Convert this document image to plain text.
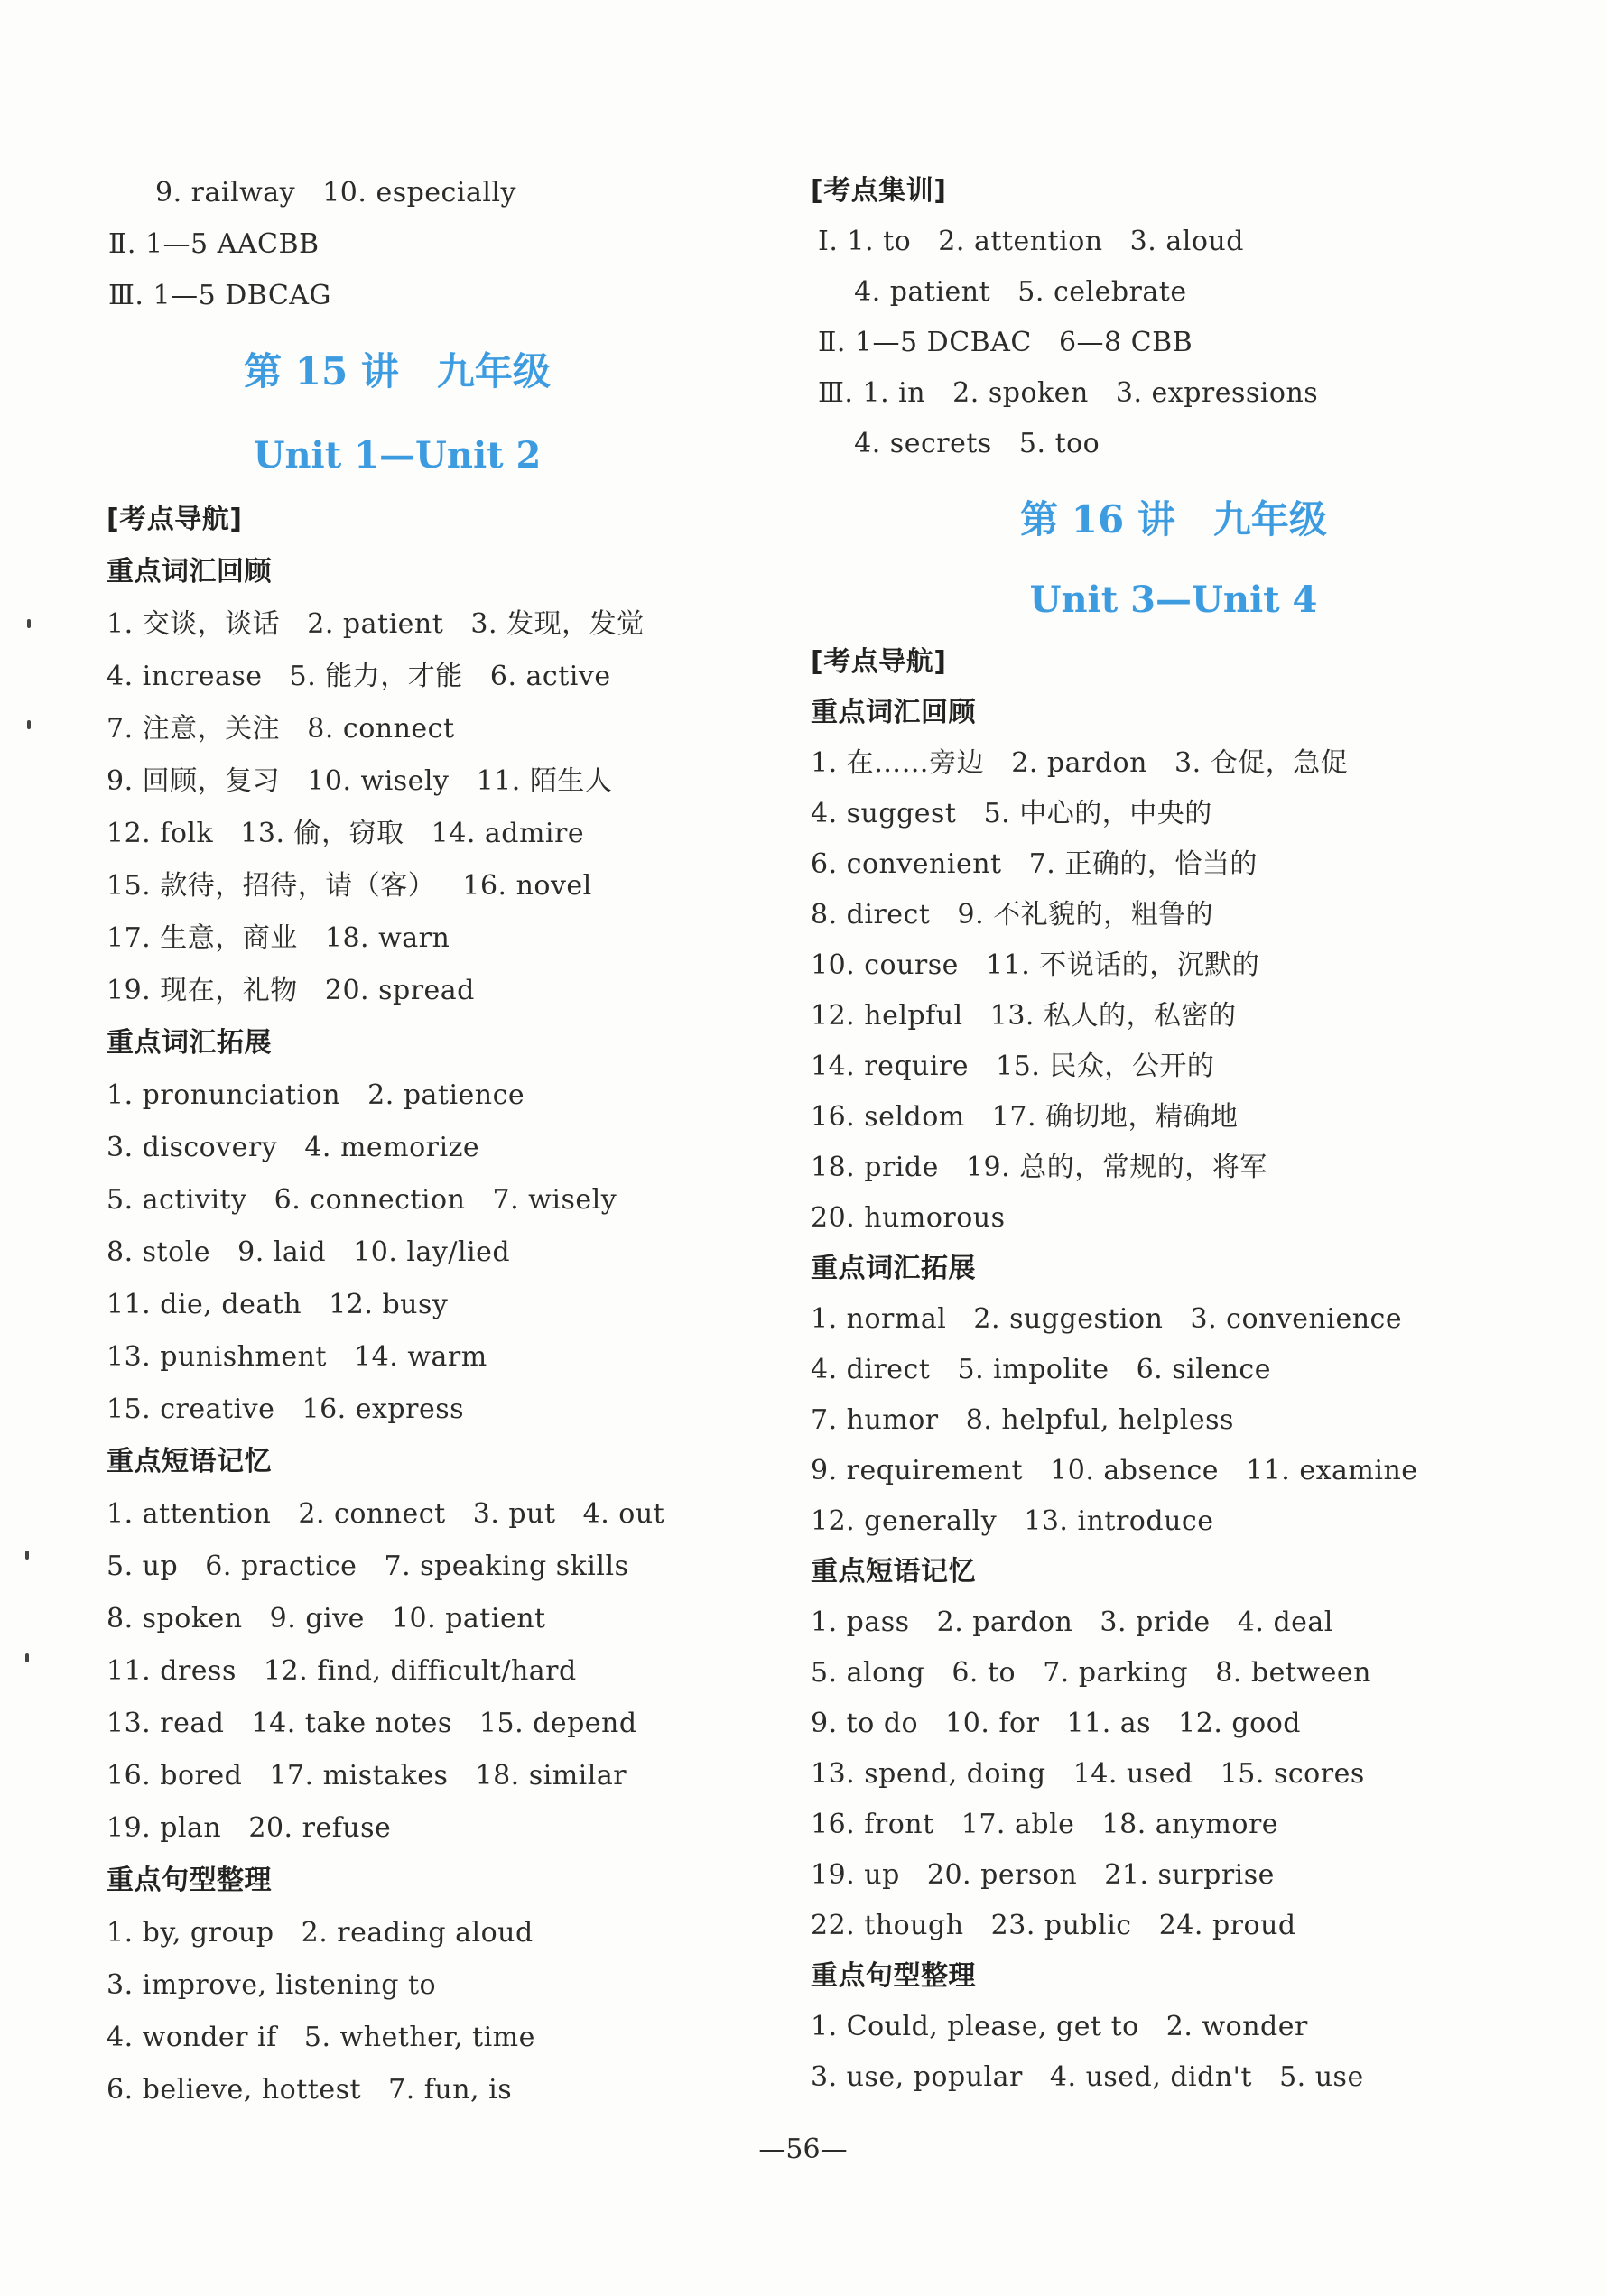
9. railway   10. especially
Ⅱ. 1—5 AACBB
Ⅲ. 1—5 DBCAG
第 15 讲　九年级
Unit 1—Unit 2
[考点导航]
重点词汇回顾
1. 交谈，谈话   2. patient   3. 发现，发觉
4. increase   5. 能力，才能   6. active
7. 注意，关注   8. connect
9. 回顾，复习   10. wisely   11. 陌生人
12. folk   13. 偷，窃取   14. admire
15. 款待，招待，请（客）   16. novel
17. 生意，商业   18. warn
19. 现在，礼物   20. spread
重点词汇拓展
1. pronunciation   2. patience
3. discovery   4. memorize
5. activity   6. connection   7. wisely
8. stole   9. laid   10. lay/lied
11. die, death   12. busy
13. punishment   14. warm
15. creative   16. express
重点短语记忆
1. attention   2. connect   3. put   4. out
5. up   6. practice   7. speaking skills
8. spoken   9. give   10. patient
11. dress   12. find, difficult/hard
13. read   14. take notes   15. depend
16. bored   17. mistakes   18. similar
19. plan   20. refuse
重点句型整理
1. by, group   2. reading aloud
3. improve, listening to
4. wonder if   5. whether, time
6. believe, hottest   7. fun, is
[考点集训]
Ⅰ. 1. to   2. attention   3. aloud
4. patient   5. celebrate
Ⅱ. 1—5 DCBAC   6—8 CBB
Ⅲ. 1. in   2. spoken   3. expressions
4. secrets   5. too
第 16 讲　九年级
Unit 3—Unit 4
[考点导航]
重点词汇回顾
1. 在……旁边   2. pardon   3. 仓促，急促
4. suggest   5. 中心的，中央的
6. convenient   7. 正确的，恰当的
8. direct   9. 不礼貌的，粗鲁的
10. course   11. 不说话的，沉默的
12. helpful   13. 私人的，私密的
14. require   15. 民众，公开的
16. seldom   17. 确切地，精确地
18. pride   19. 总的，常规的，将军
20. humorous
重点词汇拓展
1. normal   2. suggestion   3. convenience
4. direct   5. impolite   6. silence
7. humor   8. helpful, helpless
9. requirement   10. absence   11. examine
12. generally   13. introduce
重点短语记忆
1. pass   2. pardon   3. pride   4. deal
5. along   6. to   7. parking   8. between
9. to do   10. for   11. as   12. good
13. spend, doing   14. used   15. scores
16. front   17. able   18. anymore
19. up   20. person   21. surprise
22. though   23. public   24. proud
重点句型整理
1. Could, please, get to   2. wonder
3. use, popular   4. used, didn't   5. use
—56—
